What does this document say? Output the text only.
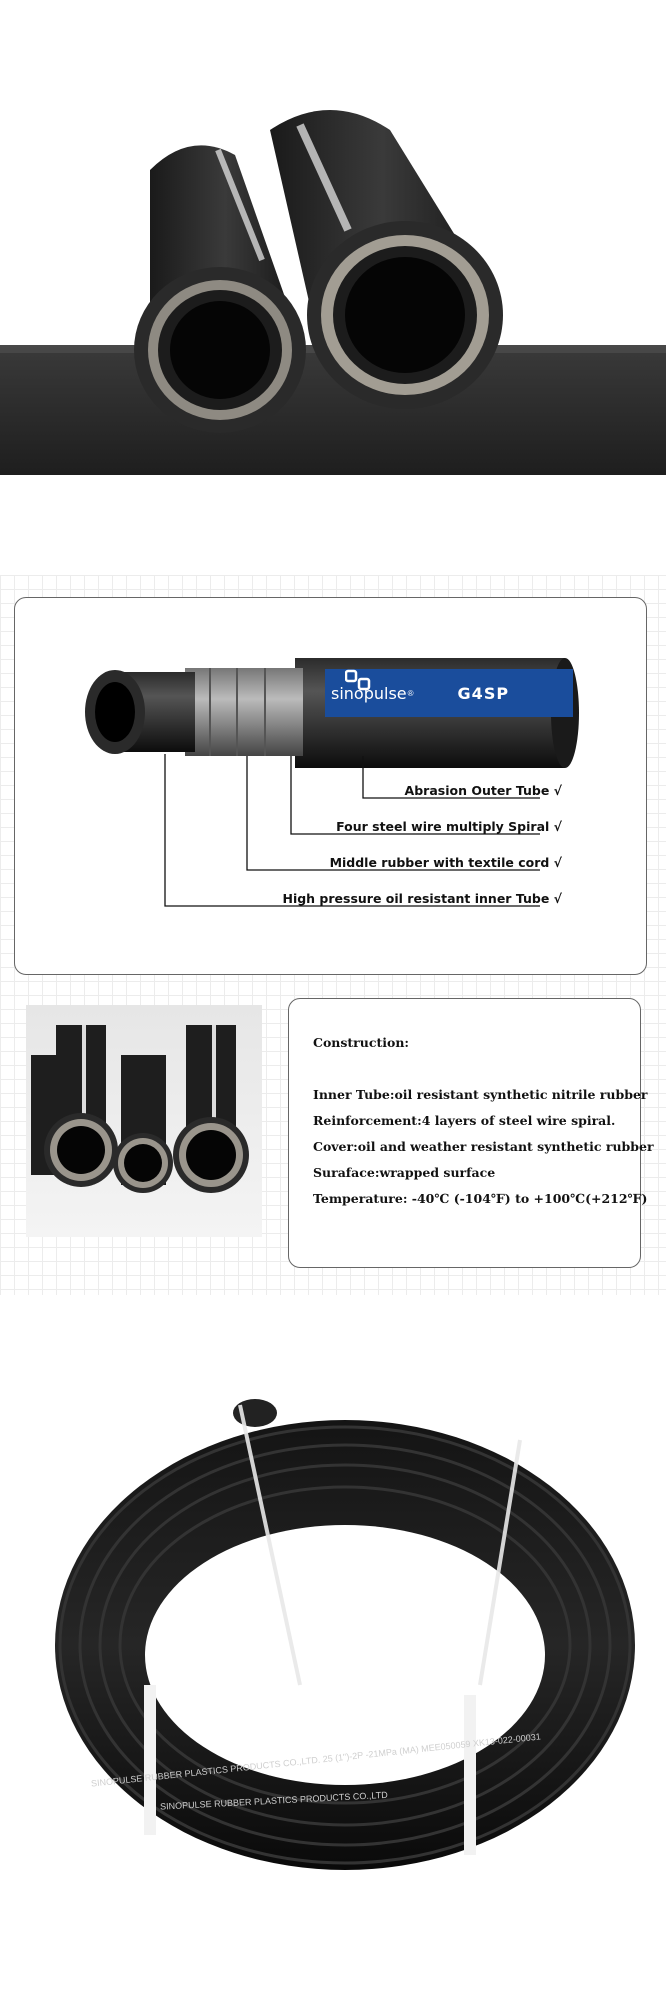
sinopulse ®	G4SP
Abrasion Outer Tube √
Four steel wire multiply Spiral √
Middle rubber with textile cord √
High pressure oil resistant inner Tube √
Construction:
Inner Tube:oil resistant synthetic nitrile rubber
Reinforcement:4 layers of steel wire spiral.
Cover:oil and weather resistant synthetic rubber
Suraface:wrapped surface
Temperature: -40℃ (-104℉) to +100℃(+212℉)
SINOPULSE RUBBER PLASTICS PRODUCTS CO.,LTD. 25 (1")-2P -21MPa (MA) MEE050059 XK13-022-00031
SINOPULSE RUBBER PLASTICS PRODUCTS CO.,LTD
